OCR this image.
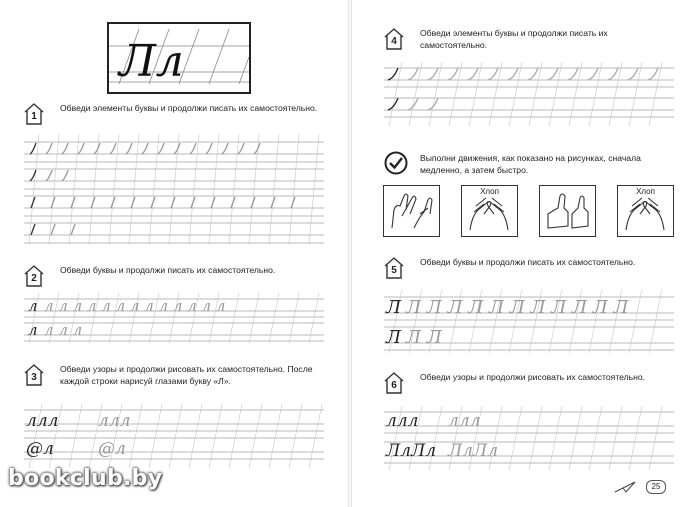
Лл
1
Обведи элементы буквы и продолжи писать их самостоятельно.
2
Обведи буквы и продолжи писать их самостоятельно.
л л л л л л л л л л л л л л
л л л л
3
Обведи узоры и продолжи рисовать их самостоятельно. После каждой строки нарисуй глазами букву «Л».
ллл ллл
@л	@л
bookclub.by
4
Обведи элементы буквы и продолжи писать их самостоятельно.
Выполни движения, как показано на рисунках, сначала медленно, а затем быстро.
Хлоп	Хлоп
5
Обведи буквы и продолжи писать их самостоятельно.
Л Л Л Л Л Л Л Л Л Л Л Л
Л Л Л
6
Обведи узоры и продолжи рисовать их самостоятельно.
ллл ллл
ЛлЛл ЛлЛл
25
